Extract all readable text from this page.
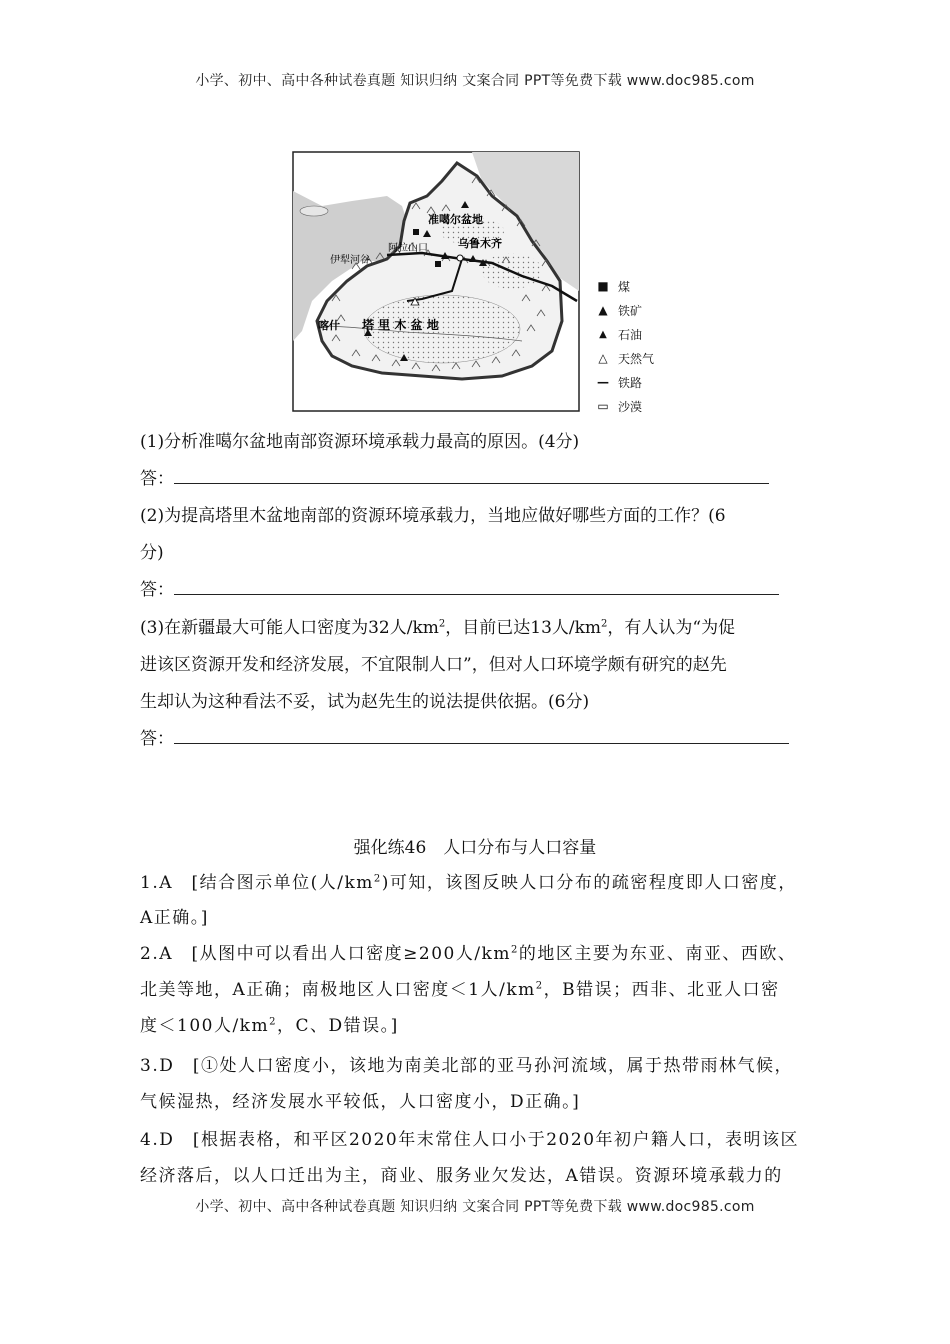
小学、初中、高中各种试卷真题 知识归纳 文案合同 PPT等免费下载 www.doc985.com
准噶尔盆地
乌鲁木齐
阿拉山口
伊犁河谷
喀什 塔 里 木 盆 地
■ 煤
▲ 铁矿
▲ 石油
△ 天然气
— 铁路
▭ 沙漠
(1)分析准噶尔盆地南部资源环境承载力最高的原因。(4分)
答：
(2)为提高塔里木盆地南部的资源环境承载力，当地应做好哪些方面的工作？(6
分)
答：
(3)在新疆最大可能人口密度为32人$/km^2$，目前已达13人$/km^2$，有人认为“为促
进该区资源开发和经济发展，不宜限制人口”，但对人口环境学颇有研究的赵先
生却认为这种看法不妥，试为赵先生的说法提供依据。(6分)
答：
强化练46　人口分布与人口容量
1.A　[结合图示单位(人$/km^2$)可知，该图反映人口分布的疏密程度即人口密度，
A正确。]
2.A　[从图中可以看出人口密度≥200人$/km^2$的地区主要为东亚、南亚、西欧、
北美等地，A正确；南极地区人口密度＜1人$/km^2$，B错误；西非、北亚人口密
度＜100人$/km^2$，C、D错误。]
3.D　[①处人口密度小，该地为南美北部的亚马孙河流域，属于热带雨林气候，
气候湿热，经济发展水平较低，人口密度小，D正确。]
4.D　[根据表格，和平区2020年末常住人口小于2020年初户籍人口，表明该区
经济落后，以人口迁出为主，商业、服务业欠发达，A错误。资源环境承载力的
小学、初中、高中各种试卷真题 知识归纳 文案合同 PPT等免费下载 www.doc985.com
